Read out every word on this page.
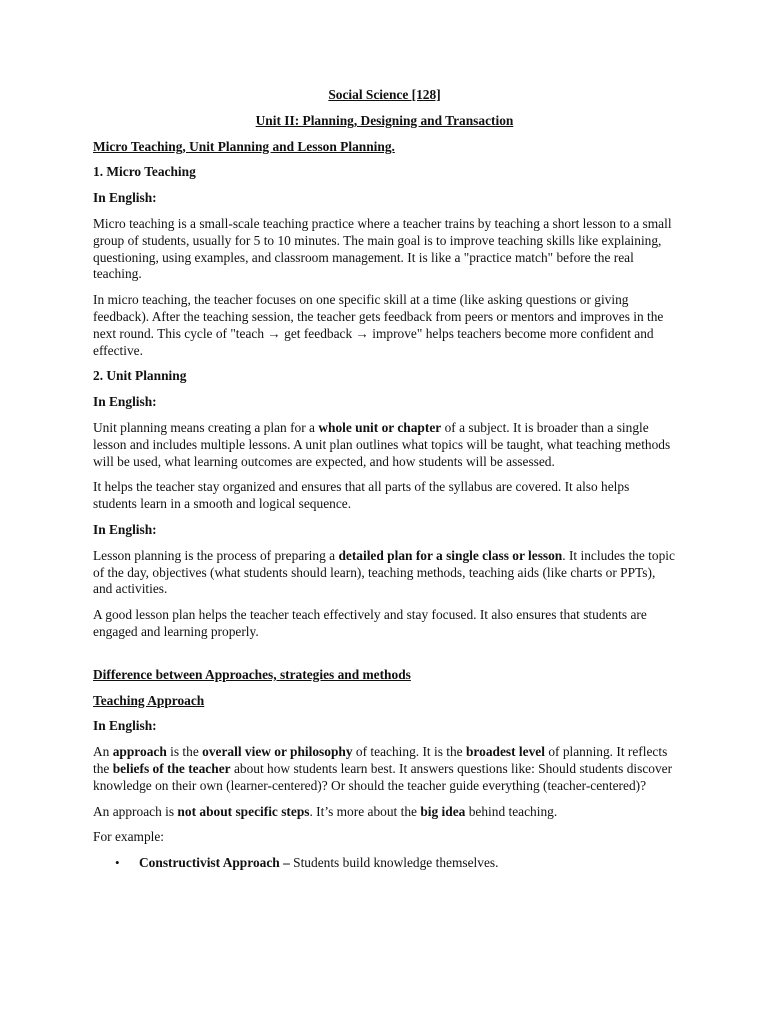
Social Science [128]

Unit II: Planning, Designing and Transaction

Micro Teaching, Unit Planning and Lesson Planning.

1. Micro Teaching

In English:

Micro teaching is a small-scale teaching practice where a teacher trains by teaching a short lesson to a small group of students, usually for 5 to 10 minutes. The main goal is to improve teaching skills like explaining, questioning, using examples, and classroom management. It is like a "practice match" before the real teaching.

In micro teaching, the teacher focuses on one specific skill at a time (like asking questions or giving feedback). After the teaching session, the teacher gets feedback from peers or mentors and improves in the next round. This cycle of "teach → get feedback → improve" helps teachers become more confident and effective.

2. Unit Planning

In English:

Unit planning means creating a plan for a whole unit or chapter of a subject. It is broader than a single lesson and includes multiple lessons. A unit plan outlines what topics will be taught, what teaching methods will be used, what learning outcomes are expected, and how students will be assessed.

It helps the teacher stay organized and ensures that all parts of the syllabus are covered. It also helps students learn in a smooth and logical sequence.

In English:

Lesson planning is the process of preparing a detailed plan for a single class or lesson. It includes the topic of the day, objectives (what students should learn), teaching methods, teaching aids (like charts or PPTs), and activities.

A good lesson plan helps the teacher teach effectively and stay focused. It also ensures that students are engaged and learning properly.

Difference between Approaches, strategies and methods

Teaching Approach

In English:

An approach is the overall view or philosophy of teaching. It is the broadest level of planning. It reflects the beliefs of the teacher about how students learn best. It answers questions like: Should students discover knowledge on their own (learner-centered)? Or should the teacher guide everything (teacher-centered)?

An approach is not about specific steps. It’s more about the big idea behind teaching.

For example:

• Constructivist Approach – Students build knowledge themselves.
